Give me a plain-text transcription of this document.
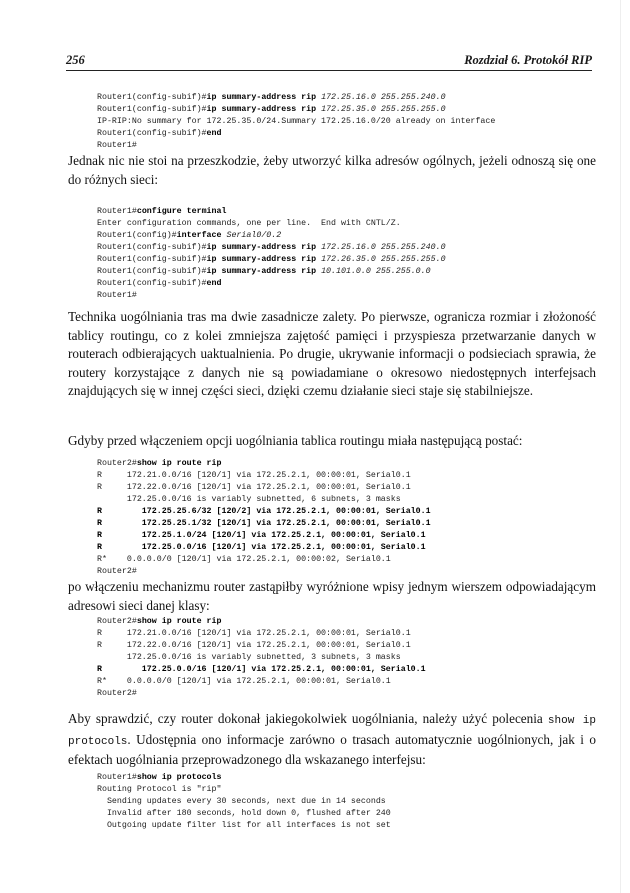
256	Rozdział 6. Protokół RIP
Router1(config-subif)#ip summary-address rip 172.25.16.0 255.255.240.0
Router1(config-subif)#ip summary-address rip 172.25.35.0 255.255.255.0
IP-RIP:No summary for 172.25.35.0/24.Summary 172.25.16.0/20 already on interface
Router1(config-subif)#end
Router1#

Jednak nic nie stoi na przeszkodzie, żeby utworzyć kilka adresów ogólnych, jeżeli odnoszą się one do różnych sieci:

Router1#configure terminal
Enter configuration commands, one per line.  End with CNTL/Z.
Router1(config)#interface Serial0/0.2
Router1(config-subif)#ip summary-address rip 172.25.16.0 255.255.240.0
Router1(config-subif)#ip summary-address rip 172.26.35.0 255.255.255.0
Router1(config-subif)#ip summary-address rip 10.101.0.0 255.255.0.0
Router1(config-subif)#end
Router1#

Technika uogólniania tras ma dwie zasadnicze zalety. Po pierwsze, ogranicza rozmiar i złożoność tablicy routingu, co z kolei zmniejsza zajętość pamięci i przyspiesza przetwarzanie danych w routerach odbierających uaktualnienia. Po drugie, ukrywanie informacji o podsieciach sprawia, że routery korzystające z danych nie są powiadamiane o okresowo niedostępnych interfejsach znajdujących się w innej części sieci, dzięki czemu działanie sieci staje się stabilniejsze.

Gdyby przed włączeniem opcji uogólniania tablica routingu miała następującą postać:

Router2#show ip route rip
R     172.21.0.0/16 [120/1] via 172.25.2.1, 00:00:01, Serial0.1
R     172.22.0.0/16 [120/1] via 172.25.2.1, 00:00:01, Serial0.1
172.25.0.0/16 is variably subnetted, 6 subnets, 3 masks
R        172.25.25.6/32 [120/2] via 172.25.2.1, 00:00:01, Serial0.1
R        172.25.25.1/32 [120/1] via 172.25.2.1, 00:00:01, Serial0.1
R        172.25.1.0/24 [120/1] via 172.25.2.1, 00:00:01, Serial0.1
R        172.25.0.0/16 [120/1] via 172.25.2.1, 00:00:01, Serial0.1
R*    0.0.0.0/0 [120/1] via 172.25.2.1, 00:00:02, Serial0.1
Router2#

po włączeniu mechanizmu router zastąpiłby wyróżnione wpisy jednym wierszem odpowiadającym adresowi sieci danej klasy:

Router2#show ip route rip
R     172.21.0.0/16 [120/1] via 172.25.2.1, 00:00:01, Serial0.1
R     172.22.0.0/16 [120/1] via 172.25.2.1, 00:00:01, Serial0.1
172.25.0.0/16 is variably subnetted, 3 subnets, 3 masks
R        172.25.0.0/16 [120/1] via 172.25.2.1, 00:00:01, Serial0.1
R*    0.0.0.0/0 [120/1] via 172.25.2.1, 00:00:01, Serial0.1
Router2#

Aby sprawdzić, czy router dokonał jakiegokolwiek uogólniania, należy użyć polecenia show ip protocols. Udostępnia ono informacje zarówno o trasach automatycznie uogólnionych, jak i o efektach uogólniania przeprowadzonego dla wskazanego interfejsu:

Router1#show ip protocols
Routing Protocol is "rip"
Sending updates every 30 seconds, next due in 14 seconds
Invalid after 180 seconds, hold down 0, flushed after 240
Outgoing update filter list for all interfaces is not set
